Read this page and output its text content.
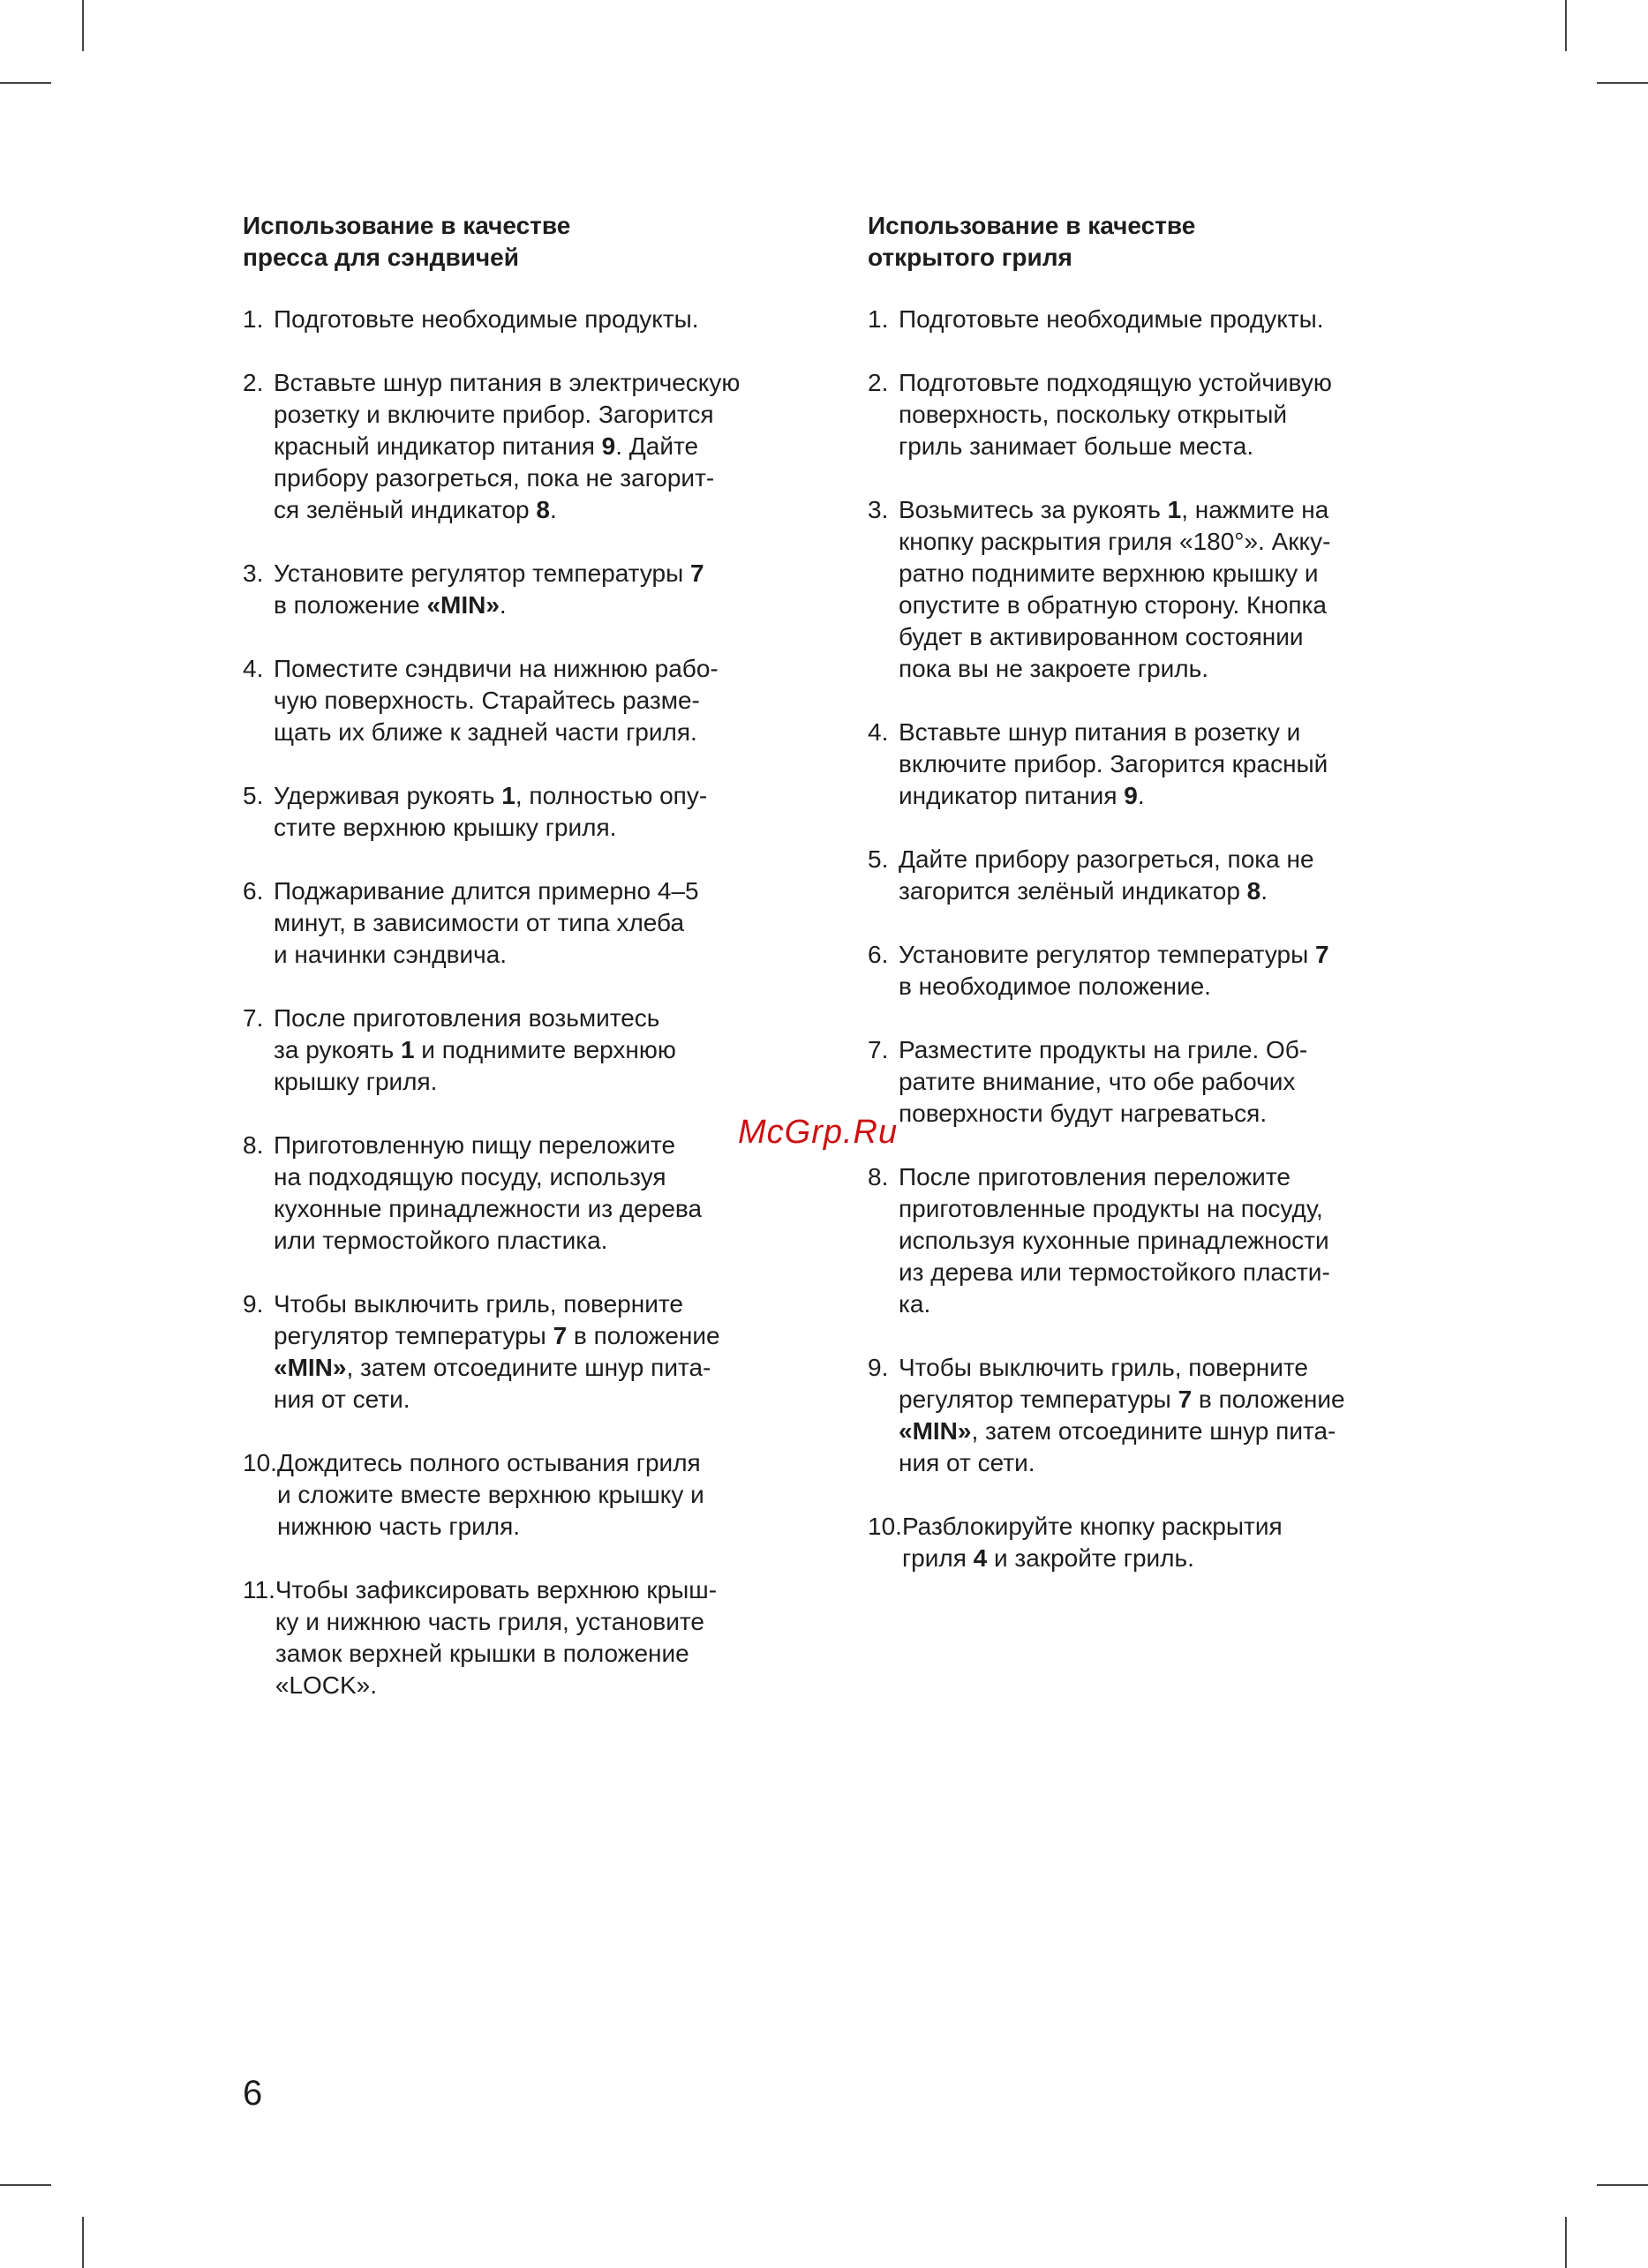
Использование в качестве
пресса для сэндвичей
1. Подготовьте необходимые продукты.
2. Вставьте шнур питания в электрическую
розетку и включите прибор. Загорится
красный индикатор питания 9. Дайте
прибору разогреться, пока не загорит-
ся зелёный индикатор 8.
3. Установите регулятор температуры 7
в положение «MIN».
4. Поместите сэндвичи на нижнюю рабо-
чую поверхность. Старайтесь разме-
щать их ближе к задней части гриля.
5. Удерживая рукоять 1, полностью опу-
стите верхнюю крышку гриля.
6. Поджаривание длится примерно 4–5
минут, в зависимости от типа хлеба
и начинки сэндвича.
7. После приготовления возьмитесь
за рукоять 1 и поднимите верхнюю
крышку гриля.
8. Приготовленную пищу переложите
на подходящую посуду, используя
кухонные принадлежности из дерева
или термостойкого пластика.
9. Чтобы выключить гриль, поверните
регулятор температуры 7 в положение
«MIN», затем отсоедините шнур пита-
ния от сети.
10. Дождитесь полного остывания гриля
и сложите вместе верхнюю крышку и
нижнюю часть гриля.
11. Чтобы зафиксировать верхнюю крыш-
ку и нижнюю часть гриля, установите
замок верхней крышки в положение
«LOCK».
Использование в качестве
открытого гриля
1. Подготовьте необходимые продукты.
2. Подготовьте подходящую устойчивую
поверхность, поскольку открытый
гриль занимает больше места.
3. Возьмитесь за рукоять 1, нажмите на
кнопку раскрытия гриля «180°». Акку-
ратно поднимите верхнюю крышку и
опустите в обратную сторону. Кнопка
будет в активированном состоянии
пока вы не закроете гриль.
4. Вставьте шнур питания в розетку и
включите прибор. Загорится красный
индикатор питания 9.
5. Дайте прибору разогреться, пока не
загорится зелёный индикатор 8.
6. Установите регулятор температуры 7
в необходимое положение.
7. Разместите продукты на гриле. Об-
ратите внимание, что обе рабочих
поверхности будут нагреваться.
8. После приготовления переложите
приготовленные продукты на посуду,
используя кухонные принадлежности
из дерева или термостойкого пласти-
ка.
9. Чтобы выключить гриль, поверните
регулятор температуры 7 в положение
«MIN», затем отсоедините шнур пита-
ния от сети.
10. Разблокируйте кнопку раскрытия
гриля 4 и закройте гриль.
McGrp.Ru
6
